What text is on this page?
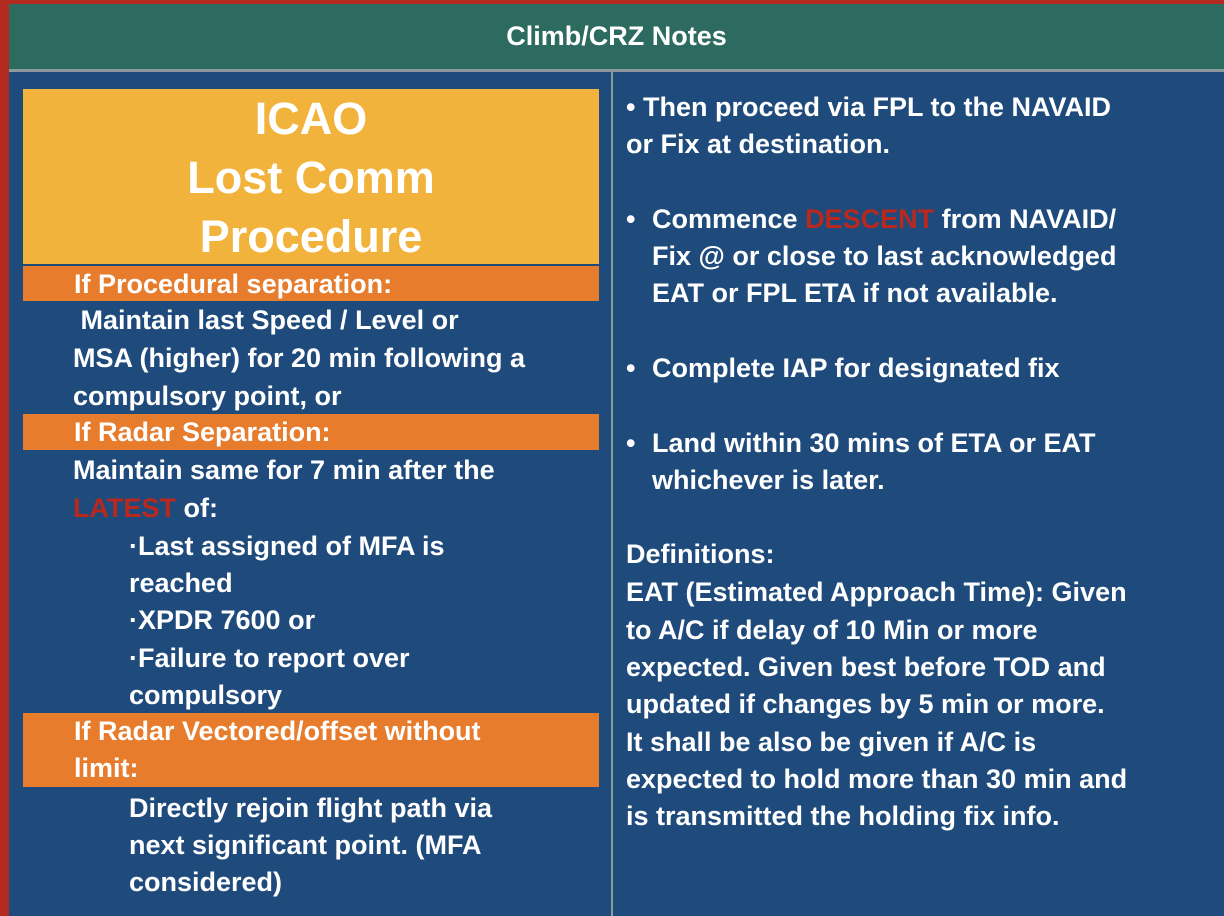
Climb/CRZ Notes
ICAO
Lost Comm
Procedure
If Procedural separation:

Maintain last Speed / Level or

MSA (higher) for 20 min following a

compulsory point, or

If Radar Separation:

Maintain same for 7 min after the

LATEST of:

·Last assigned of MFA is

reached

·XPDR 7600 or

·Failure to report over

compulsory

If Radar Vectored/offset without
limit:

Directly rejoin flight path via

next significant point. (MFA

considered)

• Then proceed via FPL to the NAVAID

or Fix at destination.

• Commence DESCENT from NAVAID/
Fix @ or close to last acknowledged
EAT or FPL ETA if not available.
• Complete IAP for designated fix
• Land within 30 mins of ETA or EAT
whichever is later.

Definitions:

EAT (Estimated Approach Time): Given

to A/C if delay of 10 Min or more

expected. Given best before TOD and

updated if changes by 5 min or more.

It shall be also be given if A/C is

expected to hold more than 30 min and

is transmitted the holding fix info.
